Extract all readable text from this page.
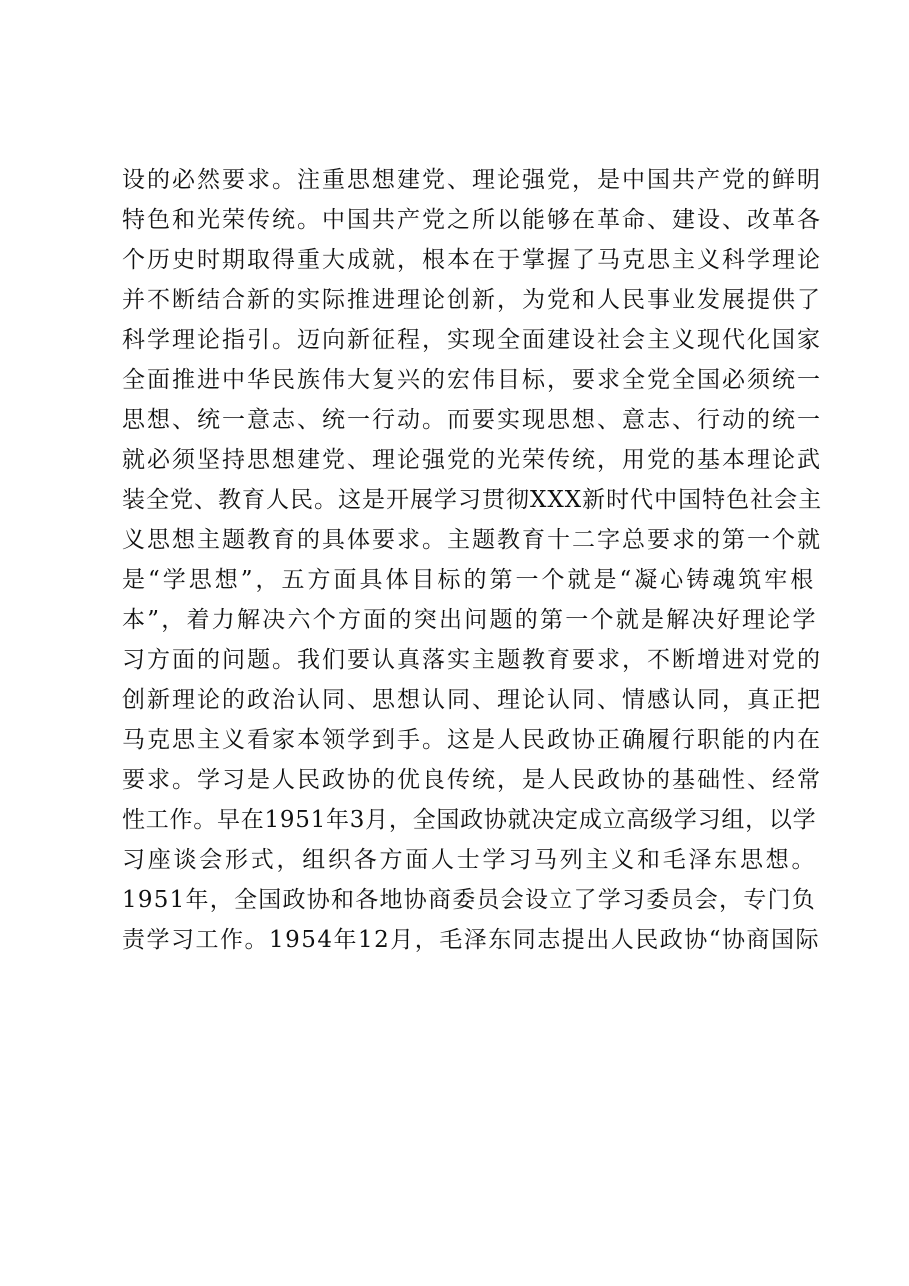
设的必然要求。注重思想建党、理论强党，是中国共产党的鲜明
特色和光荣传统。中国共产党之所以能够在革命、建设、改革各
个历史时期取得重大成就，根本在于掌握了马克思主义科学理论
并不断结合新的实际推进理论创新，为党和人民事业发展提供了
科学理论指引。迈向新征程，实现全面建设社会主义现代化国家
全面推进中华民族伟大复兴的宏伟目标，要求全党全国必须统一
思想、统一意志、统一行动。而要实现思想、意志、行动的统一
就必须坚持思想建党、理论强党的光荣传统，用党的基本理论武
装全党、教育人民。这是开展学习贯彻XXX新时代中国特色社会主
义思想主题教育的具体要求。主题教育十二字总要求的第一个就
是“学思想”，五方面具体目标的第一个就是“凝心铸魂筑牢根
本”，着力解决六个方面的突出问题的第一个就是解决好理论学
习方面的问题。我们要认真落实主题教育要求，不断增进对党的
创新理论的政治认同、思想认同、理论认同、情感认同，真正把
马克思主义看家本领学到手。这是人民政协正确履行职能的内在
要求。学习是人民政协的优良传统，是人民政协的基础性、经常
性工作。早在1951年3月，全国政协就决定成立高级学习组，以学
习座谈会形式，组织各方面人士学习马列主义和毛泽东思想。
1951年，全国政协和各地协商委员会设立了学习委员会，专门负
责学习工作。1954年12月，毛泽东同志提出人民政协“协商国际
